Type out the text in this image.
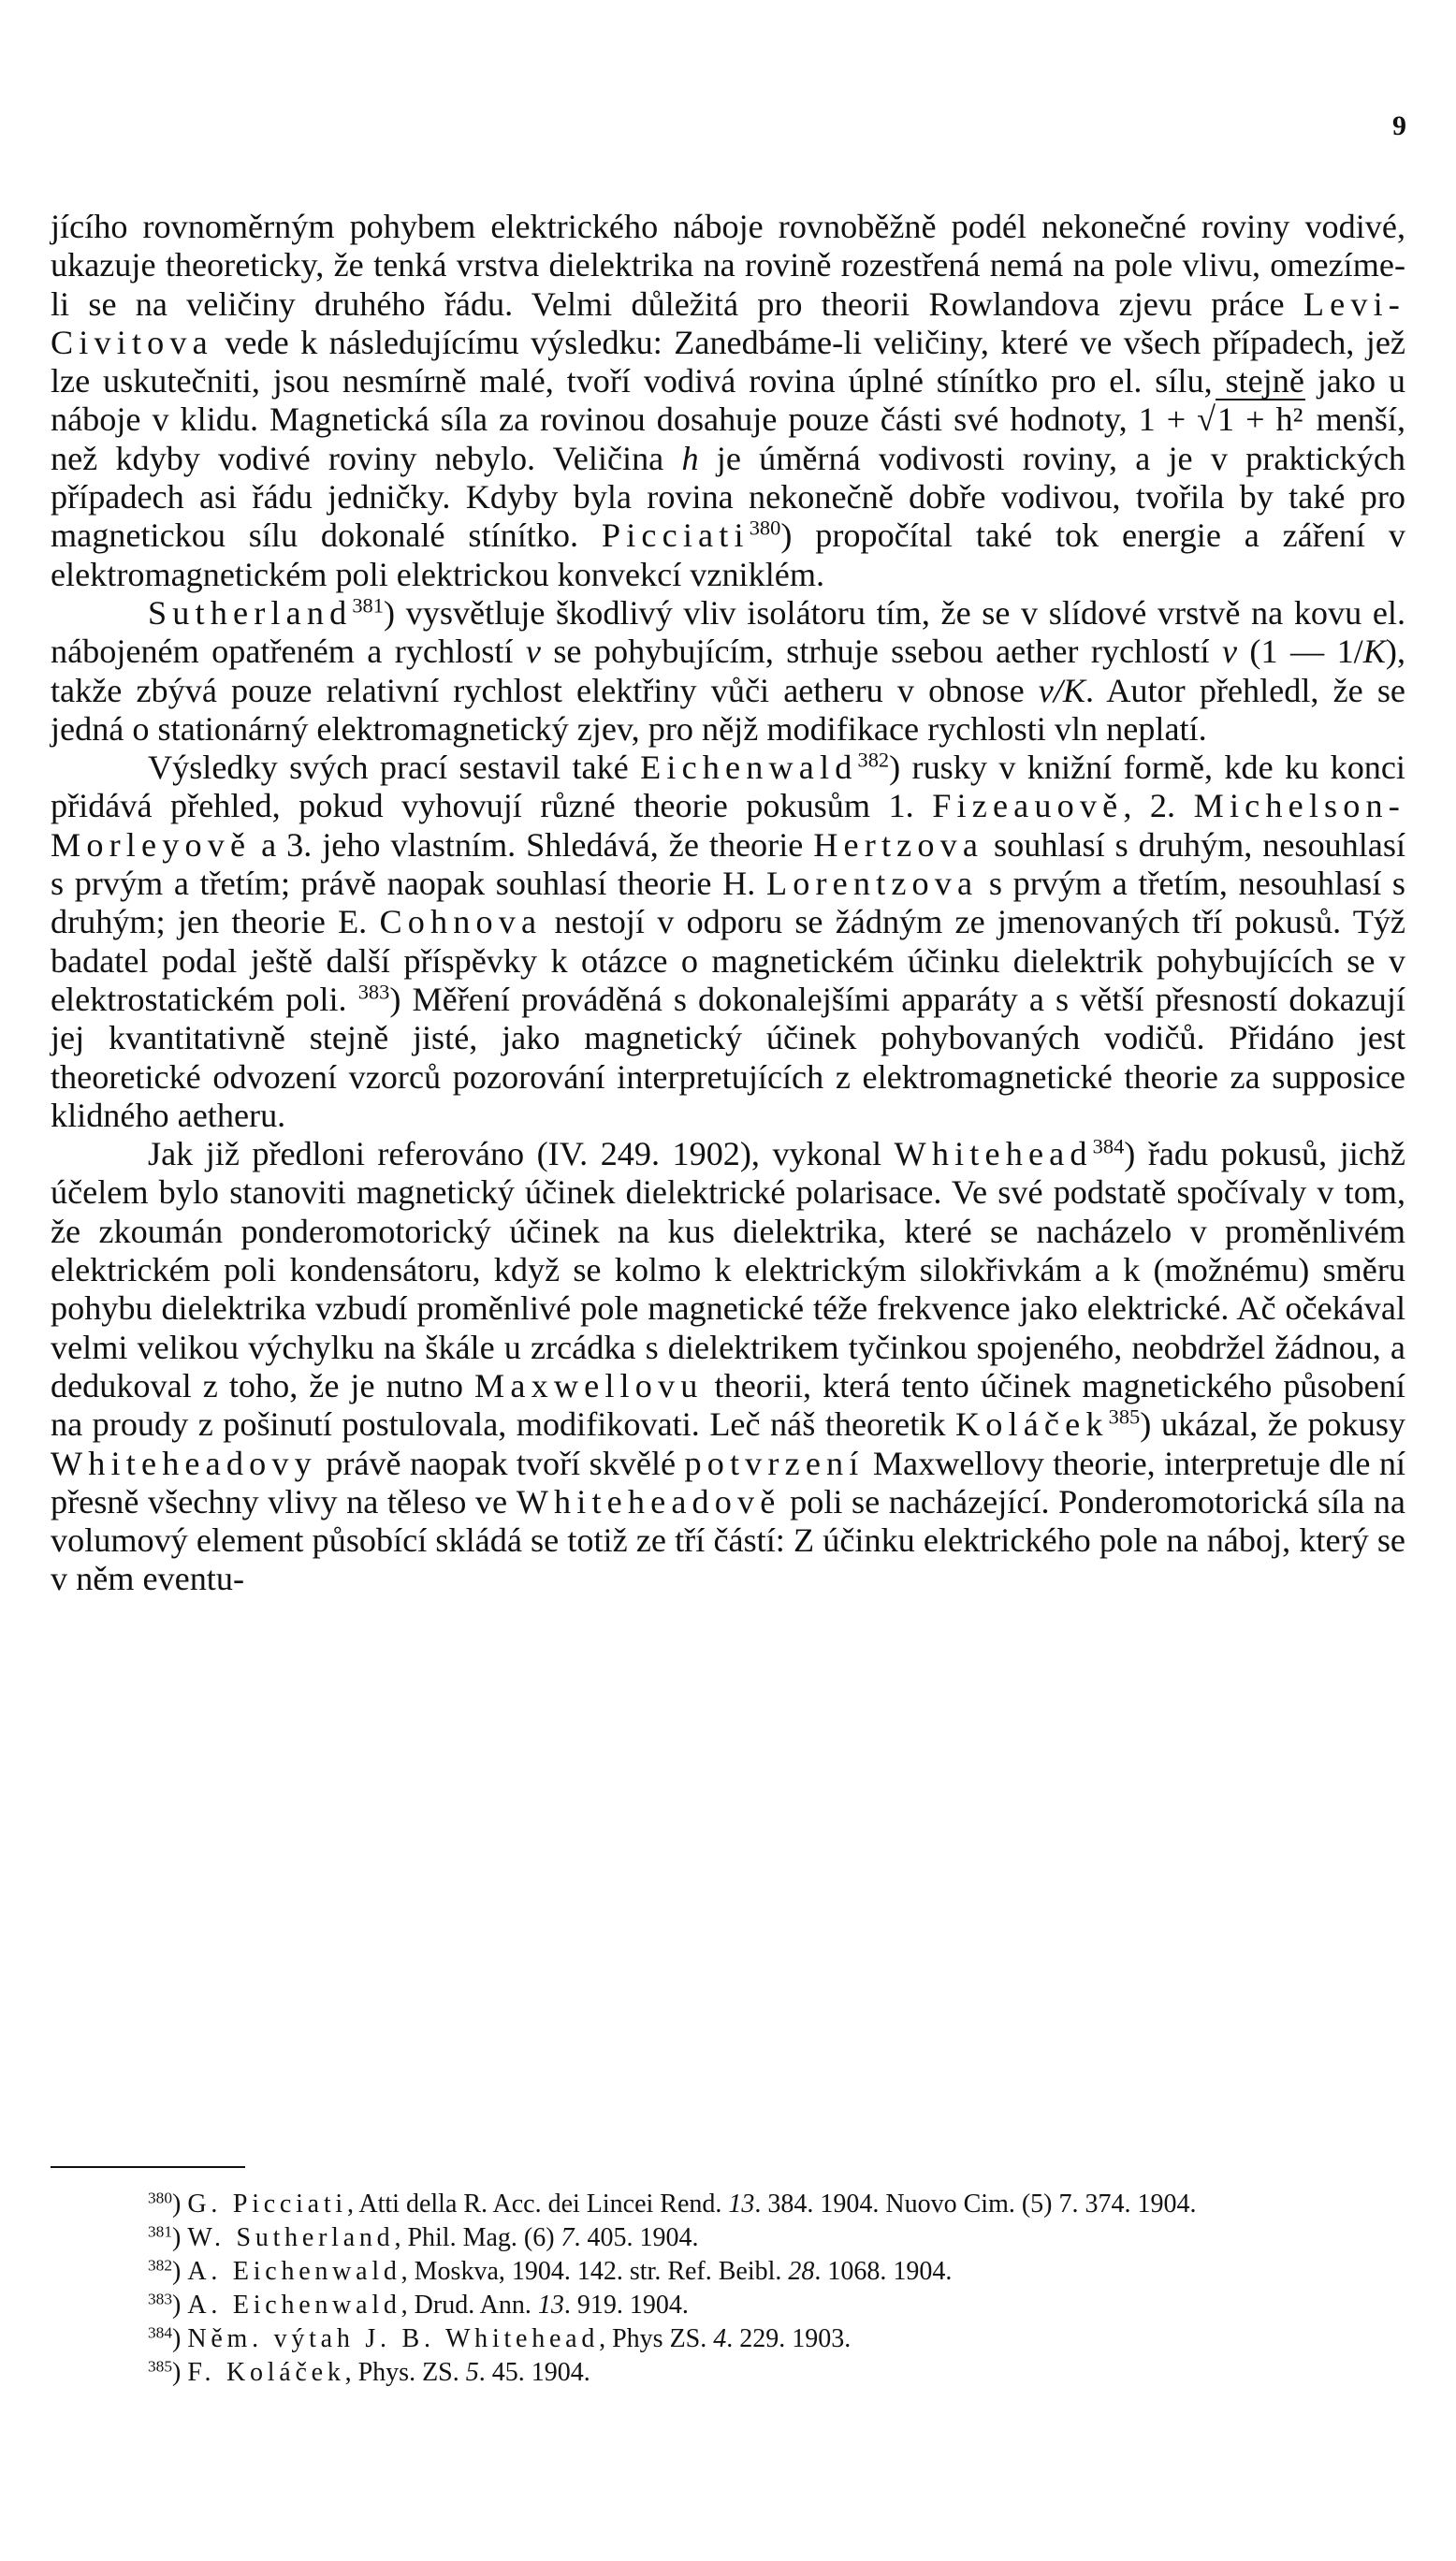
9

jícího rovnoměrným pohybem elektrického náboje rovnoběžně podél nekonečné roviny vodivé, ukazuje theoreticky, že tenká vrstva dielektrika na rovině rozestřená nemá na pole vlivu, omezíme-li se na veličiny druhého řádu. Velmi důležitá pro theorii Rowlandova zjevu práce Levi-Civitova vede k následujícímu výsledku: Zanedbáme-li veličiny, které ve všech případech, jež lze uskutečniti, jsou nesmírně malé, tvoří vodivá rovina úplné stínítko pro el. sílu, stejně jako u náboje v klidu. Magnetická síla za rovinou dosahuje pouze části své hodnoty, 1 + √1 + h² menší, než kdyby vodivé roviny nebylo. Veličina h je úměrná vodivosti roviny, a je v praktických případech asi řádu jedničky. Kdyby byla rovina nekonečně dobře vodivou, tvořila by také pro magnetickou sílu dokonalé stínítko. Picciati$^{380}$) propočítal také tok energie a záření v elektromagnetickém poli elektrickou konvekcí vzniklém.

Sutherland$^{381}$) vysvětluje škodlivý vliv isolátoru tím, že se v slídové vrstvě na kovu el. nábojeném opatřeném a rychlostí v se pohybujícím, strhuje ssebou aether rychlostí v (1 — 1/K), takže zbývá pouze relativní rychlost elektřiny vůči aetheru v obnose v/K. Autor přehledl, že se jedná o stationárný elektromagnetický zjev, pro nějž modifikace rychlosti vln neplatí.

Výsledky svých prací sestavil také Eichenwald$^{382}$) rusky v knižní formě, kde ku konci přidává přehled, pokud vyhovují různé theorie pokusům 1. Fizeauově, 2. Michelson-Morleyově a 3. jeho vlastním. Shledává, že theorie Hertzova souhlasí s druhým, nesouhlasí s prvým a třetím; právě naopak souhlasí theorie H. Lorentzova s prvým a třetím, nesouhlasí s druhým; jen theorie E. Cohnova nestojí v odporu se žádným ze jmenovaných tří pokusů. Týž badatel podal ještě další příspěvky k otázce o magnetickém účinku dielektrik pohybujících se v elektrostatickém poli. $^{383}$) Měření prováděná s dokonalejšími apparáty a s větší přesností dokazují jej kvantitativně stejně jisté, jako magnetický účinek pohybovaných vodičů. Přidáno jest theoretické odvození vzorců pozorování interpretujících z elektromagnetické theorie za supposice klidného aetheru.

Jak již předloni referováno (IV. 249. 1902), vykonal Whitehead$^{384}$) řadu pokusů, jichž účelem bylo stanoviti magnetický účinek dielektrické polarisace. Ve své podstatě spočívaly v tom, že zkoumán ponderomotorický účinek na kus dielektrika, které se nacházelo v proměnlivém elektrickém poli kondensátoru, když se kolmo k elektrickým silokřivkám a k (možnému) směru pohybu dielektrika vzbudí proměnlivé pole magnetické téže frekvence jako elektrické. Ač očekával velmi velikou výchylku na škále u zrcádka s dielektrikem tyčinkou spojeného, neobdržel žádnou, a dedukoval z toho, že je nutno Maxwellovu theorii, která tento účinek magnetického působení na proudy z pošinutí postulovala, modifikovati. Leč náš theoretik Koláček$^{385}$) ukázal, že pokusy Whiteheadovy právě naopak tvoří skvělé potvrzení Maxwellovy theorie, interpretuje dle ní přesně všechny vlivy na těleso ve Whiteheadově poli se nacházející. Ponderomotorická síla na volumový element působící skládá se totiž ze tří částí: Z účinku elektrického pole na náboj, který se v něm eventu-

$^{380}$) G. Picciati, Atti della R. Acc. dei Lincei Rend. 13. 384. 1904. Nuovo Cim. (5) 7. 374. 1904.

$^{381}$) W. Sutherland, Phil. Mag. (6) 7. 405. 1904.

$^{382}$) A. Eichenwald, Moskva, 1904. 142. str. Ref. Beibl. 28. 1068. 1904.

$^{383}$) A. Eichenwald, Drud. Ann. 13. 919. 1904.

$^{384}$) Něm. výtah J. B. Whitehead, Phys ZS. 4. 229. 1903.

$^{385}$) F. Koláček, Phys. ZS. 5. 45. 1904.
